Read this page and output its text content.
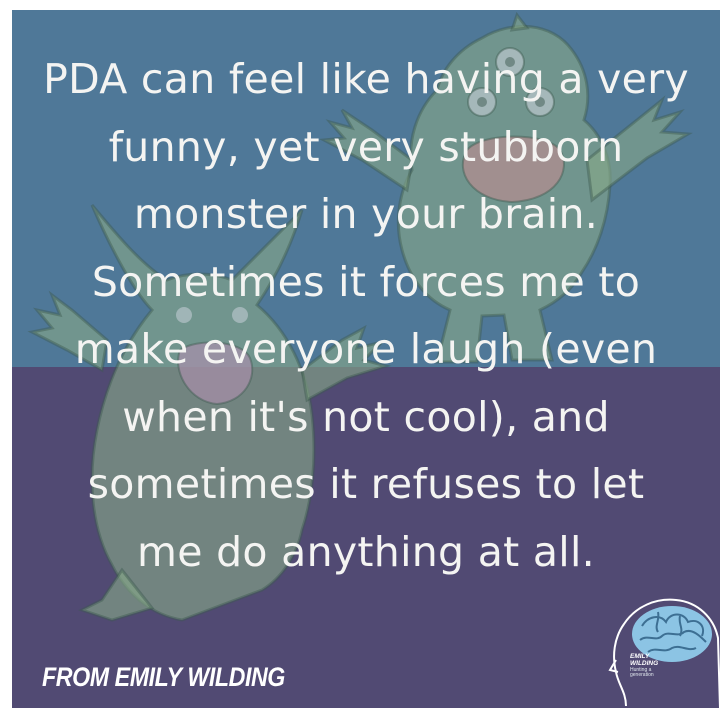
PDA can feel like having a very
funny, yet very stubborn
monster in your brain.
Sometimes it forces me to
make everyone laugh (even
when it's not cool), and
sometimes it refuses to let
me do anything at all.

FROM EMILY WILDING
EMILY WILDING
Hunting a generation
